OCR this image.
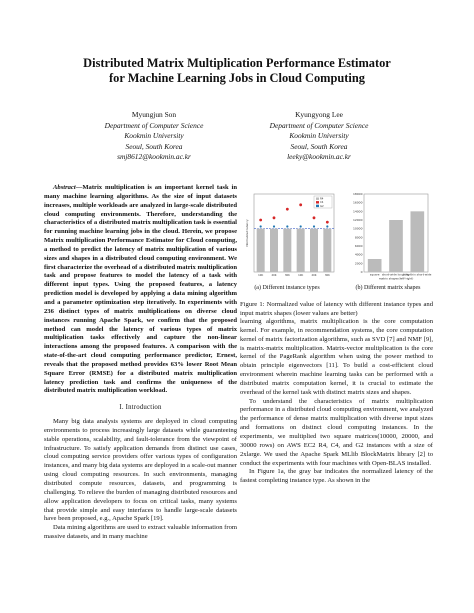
Distributed Matrix Multiplication Performance Estimator
for Machine Learning Jobs in Cloud Computing
Myungjun Son
Department of Computer Science
Kookmin University
Seoul, South Korea
smj8612@kookmin.ac.kr
Kyungyong Lee
Department of Computer Science
Kookmin University
Seoul, South Korea
leeky@kookmin.ac.kr

Abstract—Matrix multiplication is an important kernel task in many machine learning algorithms. As the size of input datasets increases, multiple workloads are analyzed in large-scale distributed cloud computing environments. Therefore, understanding the characteristics of a distributed matrix multiplication task is essential for running machine learning jobs in the cloud. Herein, we propose Matrix multiplication Performance Estimator for Cloud computing, a method to predict the latency of matrix multiplication of various sizes and shapes in a distributed cloud computing environment. We first characterize the overhead of a distributed matrix multiplication task and propose features to model the latency of a task with different input types. Using the proposed features, a latency prediction model is developed by applying a data mining algorithm and a parameter optimization step iteratively. In experiments with 236 distinct types of matrix multiplications on diverse cloud instances running Apache Spark, we confirm that the proposed method can model the latency of various types of matrix multiplication tasks effectively and capture the non-linear interactions among the proposed features. A comparison with the state-of-the-art cloud computing performance predictor, Ernest, reveals that the proposed method provides 63% lower Root Mean Square Error (RMSE) for a distributed matrix multiplication latency prediction task and confirms the uniqueness of the distributed matrix multiplication workload.

I. Introduction

Many big data analysis systems are deployed in cloud computing environments to process increasingly large datasets while guaranteeing stable operations, scalability, and fault-tolerance from the viewpoint of infrastructure. To satisfy application demands from distinct use cases, cloud computing service providers offer various types of configuration instances, and many big data systems are deployed in a scale-out manner using cloud computing resources. In such environments, managing distributed compute resources, datasets, and programming is challenging. To relieve the burden of managing distributed resources and allow application developers to focus on critical tasks, many systems that provide simple and easy interfaces to handle large-scale datasets have been proposed, e.g., Apache Spark [19].

Data mining algorithms are used to extract valuable information from massive datasets, and in many machine

10K	20K	30K	10K	20K	30K
Normalized latency
R4
C4
G2
square short-wide long-thin
long-thin short-wide
matrix shapes(left*right)
0
2000
4000
6000
8000
10000
12000
14000
16000
18000
(a) Different instance types	(b) Different matrix shapes
Figure 1: Normalized value of latency with different instance types and input matrix shapes (lower values are better)

learning algorithms, matrix multiplication is the core computation kernel. For example, in recommendation systems, the core computation kernel of matrix factorization algorithms, such as SVD [7] and NMF [9], is matrix-matrix multiplication. Matrix-vector multiplication is the core kernel of the PageRank algorithm when using the power method to obtain principle eigenvectors [11]. To build a cost-efficient cloud environment wherein machine learning tasks can be performed with a distributed matrix computation kernel, it is crucial to estimate the overhead of the kernel task with distinct matrix sizes and shapes.

To understand the characteristics of matrix multiplication performance in a distributed cloud computing environment, we analyzed the performance of dense matrix multiplication with diverse input sizes and formations on distinct cloud computing instances. In the experiments, we multiplied two square matrices(10000, 20000, and 30000 rows) on AWS EC2 R4, C4, and G2 instances with a size of 2xlarge. We used the Apache Spark MLlib BlockMatrix library [2] to conduct the experiments with four machines with Open-BLAS installed.

In Figure 1a, the gray bar indicates the normalized latency of the fastest completing instance type. As shown in the
